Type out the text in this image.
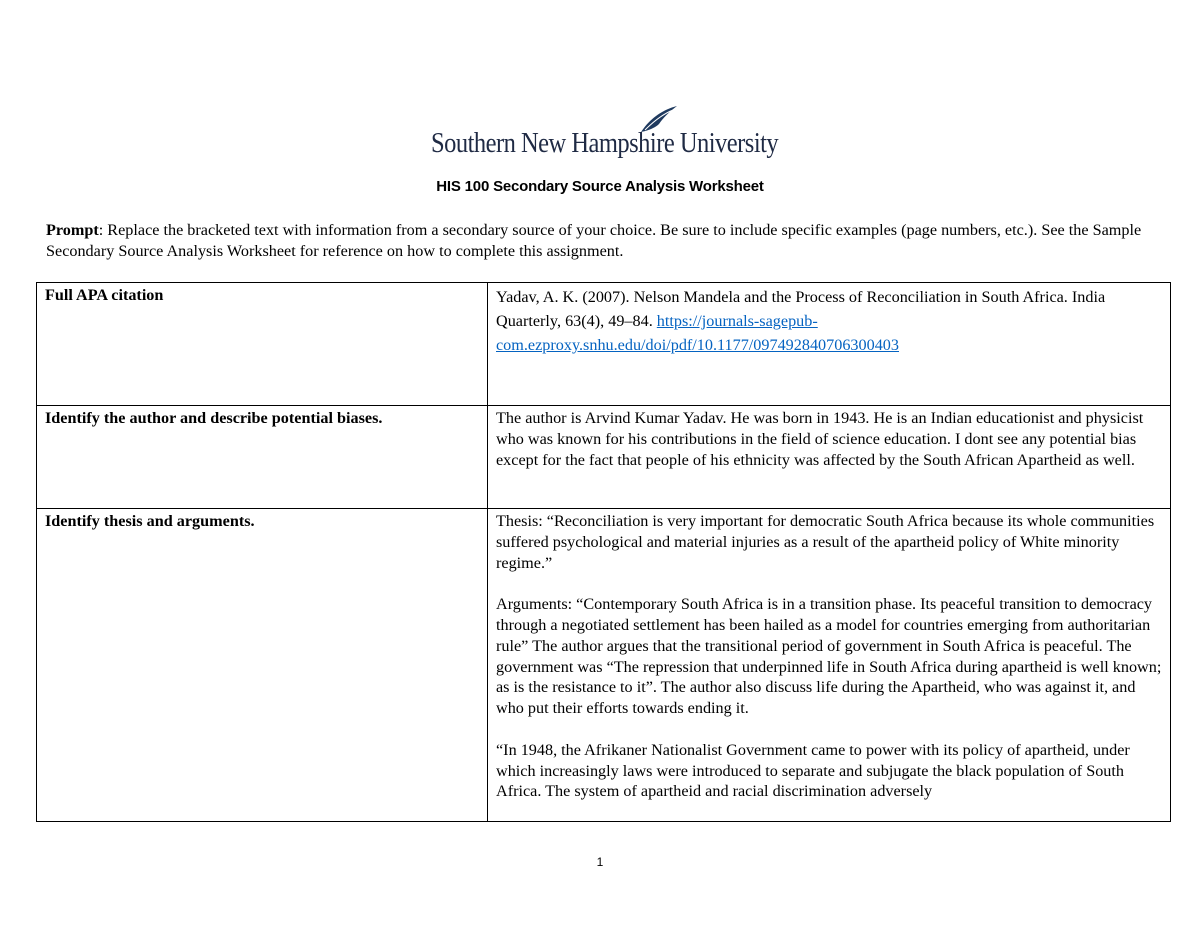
Southern New Hampshire University
HIS 100 Secondary Source Analysis Worksheet
Prompt: Replace the bracketed text with information from a secondary source of your choice. Be sure to include specific examples (page numbers, etc.). See the Sample Secondary Source Analysis Worksheet for reference on how to complete this assignment.
Full APA citation	Yadav, A. K. (2007). Nelson Mandela and the Process of Reconciliation in South Africa. India Quarterly, 63(4), 49–84. https://journals-sagepub-com.ezproxy.snhu.edu/doi/pdf/10.1177/097492840706300403

Identify the author and describe potential biases.	The author is Arvind Kumar Yadav. He was born in 1943. He is an Indian educationist and physicist who was known for his contributions in the field of science education. I dont see any potential bias except for the fact that people of his ethnicity was affected by the South African Apartheid as well.
Identify thesis and arguments.	Thesis: “Reconciliation is very important for democratic South Africa because its whole communities suffered psychological and material injuries as a result of the apartheid policy of White minority regime.”
Arguments: “Contemporary South Africa is in a transition phase. Its peaceful transition to democracy through a negotiated settlement has been hailed as a model for countries emerging from authoritarian rule” The author argues that the transitional period of government in South Africa is peaceful. The government was “The repression that underpinned life in South Africa during apartheid is well known; as is the resistance to it”. The author also discuss life during the Apartheid, who was against it, and who put their efforts towards ending it.
“In 1948, the Afrikaner Nationalist Government came to power with its policy of apartheid, under which increasingly laws were introduced to separate and subjugate the black population of South Africa. The system of apartheid and racial discrimination adversely
1
